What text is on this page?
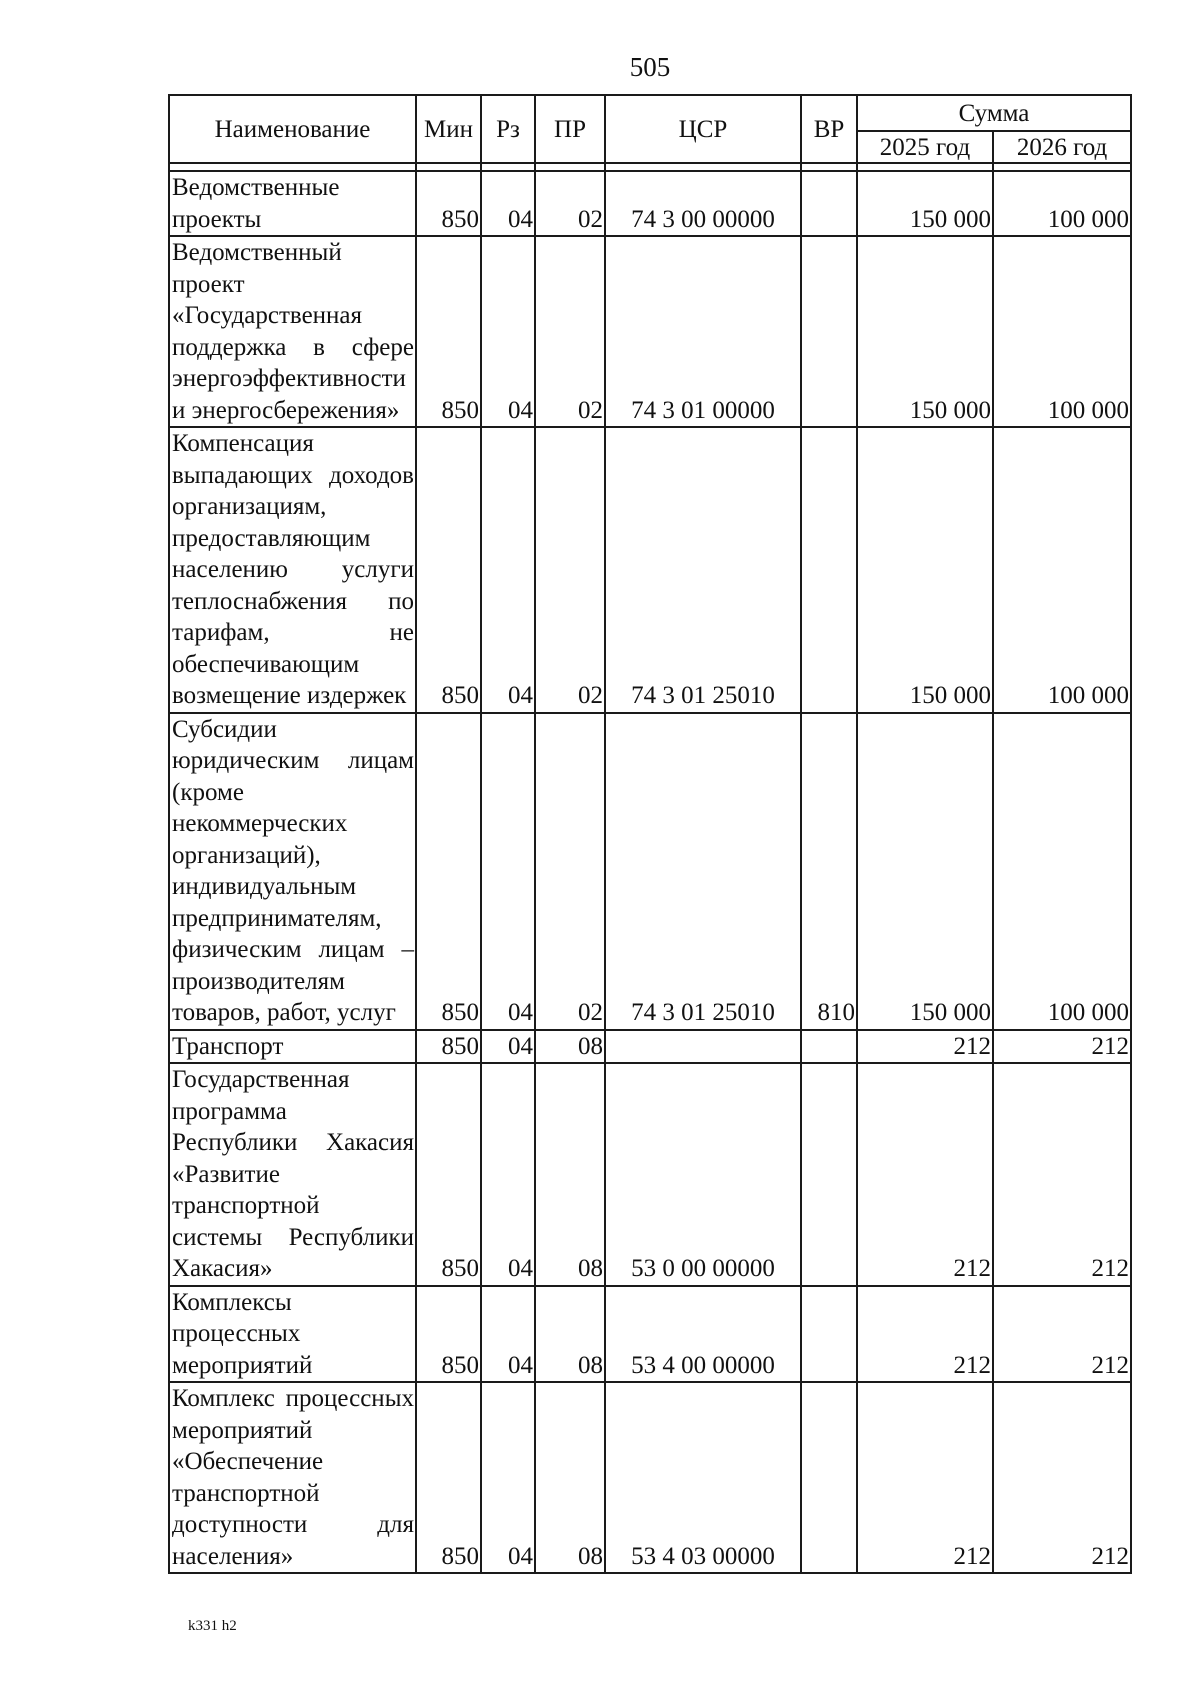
505
Наименование	Мин	Рз	ПР	ЦСР	ВР	Сумма	
						2025 год	2026 год

Ведомственные проекты	850	04	02	74 3 00 00000		150 000	100 000
Ведомственный проект «Государственная поддержка в сфере энергоэффективности и энергосбережения»	850	04	02	74 3 01 00000		150 000	100 000
Компенсация выпадающих доходов организациям, предоставляющим населению услуги теплоснабжения по тарифам, не обеспечивающим возмещение издержек	850	04	02	74 3 01 25010		150 000	100 000
Субсидии юридическим лицам (кроме некоммерческих организаций), индивидуальным предпринимателям, физическим лицам – производителям товаров, работ, услуг	850	04	02	74 3 01 25010	810	150 000	100 000
Транспорт	850	04	08			212	212
Государственная программа Республики Хакасия «Развитие транспортной системы Республики Хакасия»	850	04	08	53 0 00 00000		212	212
Комплексы процессных мероприятий	850	04	08	53 4 00 00000		212	212
Комплекс процессных мероприятий «Обеспечение транспортной доступности для населения»	850	04	08	53 4 03 00000		212	212
k331 h2
